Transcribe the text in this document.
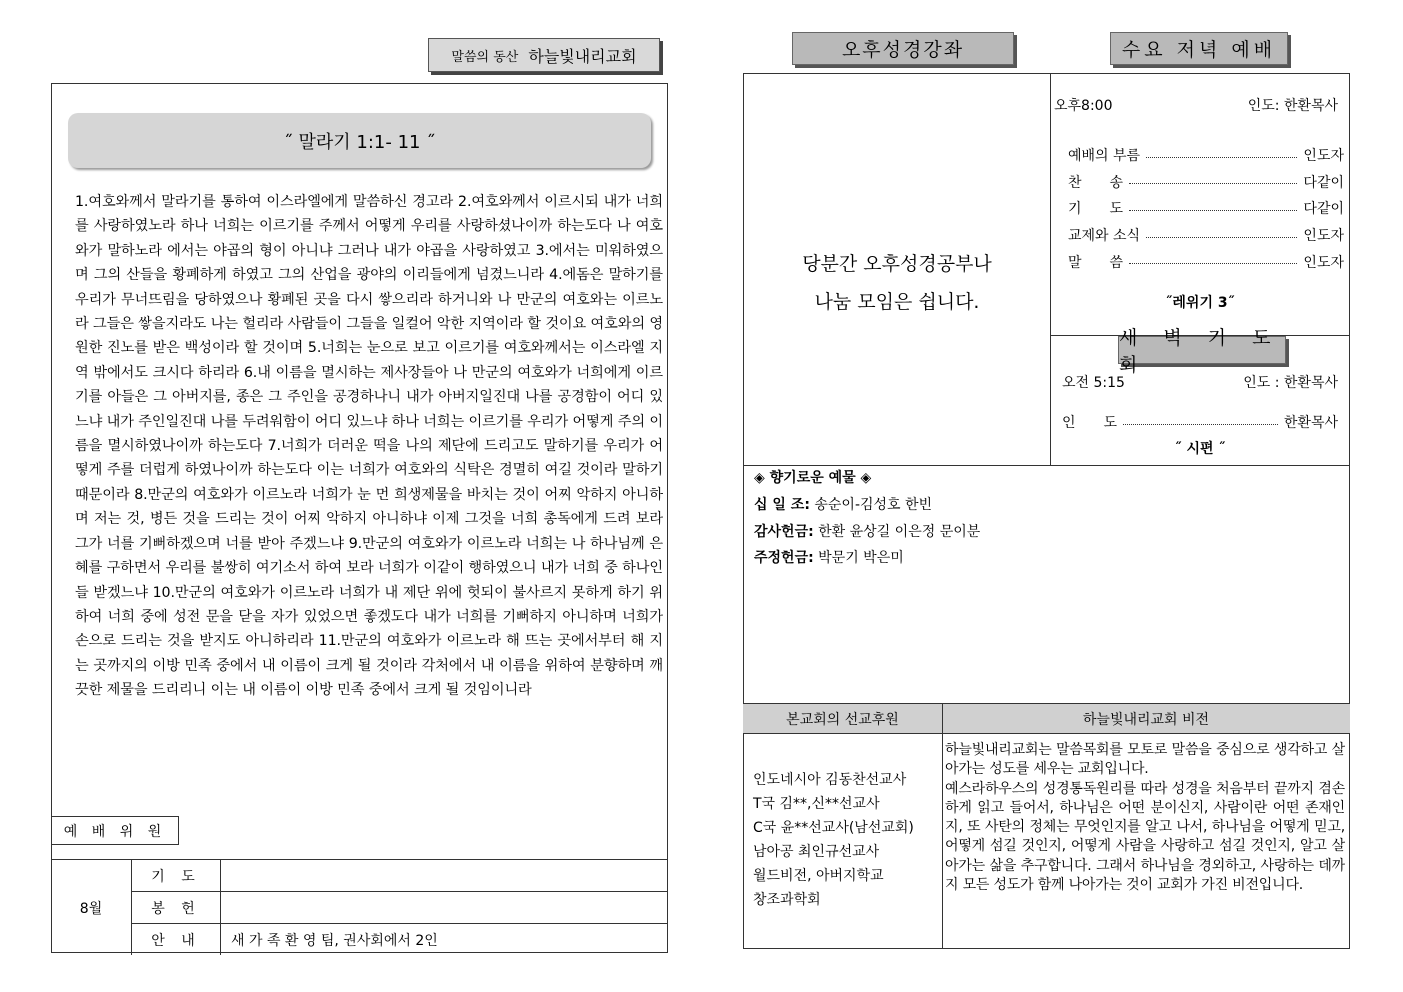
말씀의 동산 하늘빛내리교회
˝ 말라기 1:1- 11 ˝

1.여호와께서 말라기를 통하여 이스라엘에게 말씀하신 경고라 2.여호와께서 이르시되 내가 너희를 사랑하였노라 하나 너희는 이르기를 주께서 어떻게 우리를 사랑하셨나이까 하는도다 나 여호와가 말하노라 에서는 야곱의 형이 아니냐 그러나 내가 야곱을 사랑하였고 3.에서는 미워하였으며 그의 산들을 황폐하게 하였고 그의 산업을 광야의 이리들에게 넘겼느니라 4.에돔은 말하기를 우리가 무너뜨림을 당하였으나 황폐된 곳을 다시 쌓으리라 하거니와 나 만군의 여호와는 이르노라 그들은 쌓을지라도 나는 헐리라 사람들이 그들을 일컬어 악한 지역이라 할 것이요 여호와의 영원한 진노를 받은 백성이라 할 것이며 5.너희는 눈으로 보고 이르기를 여호와께서는 이스라엘 지역 밖에서도 크시다 하리라 6.내 이름을 멸시하는 제사장들아 나 만군의 여호와가 너희에게 이르기를 아들은 그 아버지를, 종은 그 주인을 공경하나니 내가 아버지일진대 나를 공경함이 어디 있느냐 내가 주인일진대 나를 두려워함이 어디 있느냐 하나 너희는 이르기를 우리가 어떻게 주의 이름을 멸시하였나이까 하는도다 7.너희가 더러운 떡을 나의 제단에 드리고도 말하기를 우리가 어떻게 주를 더럽게 하였나이까 하는도다 이는 너희가 여호와의 식탁은 경멸히 여길 것이라 말하기 때문이라 8.만군의 여호와가 이르노라 너희가 눈 먼 희생제물을 바치는 것이 어찌 악하지 아니하며 저는 것, 병든 것을 드리는 것이 어찌 악하지 아니하냐 이제 그것을 너희 총독에게 드려 보라 그가 너를 기뻐하겠으며 너를 받아 주겠느냐 9.만군의 여호와가 이르노라 너희는 나 하나님께 은혜를 구하면서 우리를 불쌍히 여기소서 하여 보라 너희가 이같이 행하였으니 내가 너희 중 하나인들 받겠느냐 10.만군의 여호와가 이르노라 너희가 내 제단 위에 헛되이 불사르지 못하게 하기 위하여 너희 중에 성전 문을 닫을 자가 있었으면 좋겠도다 내가 너희를 기뻐하지 아니하며 너희가 손으로 드리는 것을 받지도 아니하리라 11.만군의 여호와가 이르노라 해 뜨는 곳에서부터 해 지는 곳까지의 이방 민족 중에서 내 이름이 크게 될 것이라 각처에서 내 이름을 위하여 분향하며 깨끗한 제물을 드리리니 이는 내 이름이 이방 민족 중에서 크게 될 것임이니라

예 배 위 원
8월	기 도	
	봉 헌	
	안 내	새 가 족 환 영 팀, 권사회에서 2인
오후성경강좌	수요 저녁 예배
당분간 오후성경공부나
나눔 모임은 쉽니다.
오후8:00	인도: 한환목사
예배의 부름	인도자
찬　　송	다같이
기　　도	다같이
교제와 소식	인도자
말　　씀	인도자
˝레위기 3˝
새 벽 기 도 회
오전 5:15	인도 : 한환목사
인　　도	한환목사
˝ 시편 ˝
◈ 향기로운 예물 ◈
십 일 조: 송순이-김성호 한빈
감사헌금: 한환 윤상길 이은정 문이분
주정헌금: 박문기 박은미
본교회의 선교후원	하늘빛내리교회 비전
인도네시아 김동찬선교사
T국 김**,신**선교사
C국 윤**선교사(남선교회)
남아공 최인규선교사
월드비전, 아버지학교
창조과학회

하늘빛내리교회는 말씀목회를 모토로 말씀을 중심으로 생각하고 살아가는 성도를 세우는 교회입니다.

예스라하우스의 성경통독원리를 따라 성경을 처음부터 끝까지 겸손하게 읽고 들어서, 하나님은 어떤 분이신지, 사람이란 어떤 존재인지, 또 사탄의 정체는 무엇인지를 알고 나서, 하나님을 어떻게 믿고, 어떻게 섬길 것인지, 어떻게 사람을 사랑하고 섬길 것인지, 알고 살아가는 삶을 추구합니다. 그래서 하나님을 경외하고, 사랑하는 데까지 모든 성도가 함께 나아가는 것이 교회가 가진 비전입니다.
